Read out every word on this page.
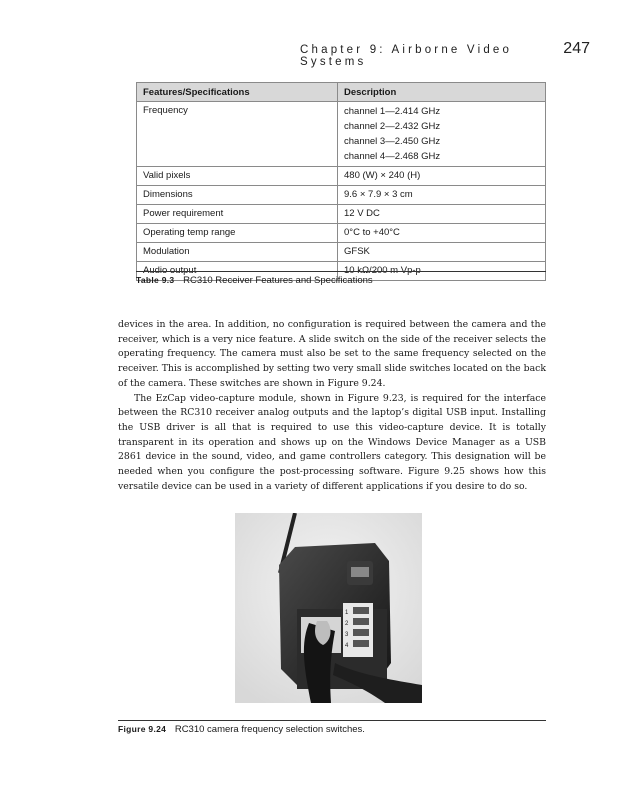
Chapter 9: Airborne Video Systems
247
Features/Specifications	Description
Frequency	channel 1—2.414 GHz
channel 2—2.432 GHz
channel 3—2.450 GHz
channel 4—2.468 GHz

Valid pixels	480 (W) × 240 (H)
Dimensions	9.6 × 7.9 × 3 cm
Power requirement	12 V DC
Operating temp range	0°C to +40°C
Modulation	GFSK
Audio output	10 kΩ/200 m Vp-p
Table 9.3 RC310 Receiver Features and Specifications

devices in the area. In addition, no configuration is required between the camera and the receiver, which is a very nice feature. A slide switch on the side of the receiver selects the operating frequency. The camera must also be set to the same frequency selected on the receiver. This is accomplished by setting two very small slide switches located on the back of the camera. These switches are shown in Figure 9.24.

The EzCap video-capture module, shown in Figure 9.23, is required for the interface between the RC310 receiver analog outputs and the laptop’s digital USB input. Installing the USB driver is all that is required to use this video-capture device. It is totally transparent in its operation and shows up on the Windows Device Manager as a USB 2861 device in the sound, video, and game controllers category. This designation will be needed when you configure the post-processing software. Figure 9.25 shows how this versatile device can be used in a variety of different applications if you desire to do so.

1
2
3
4
Figure 9.24 RC310 camera frequency selection switches.
